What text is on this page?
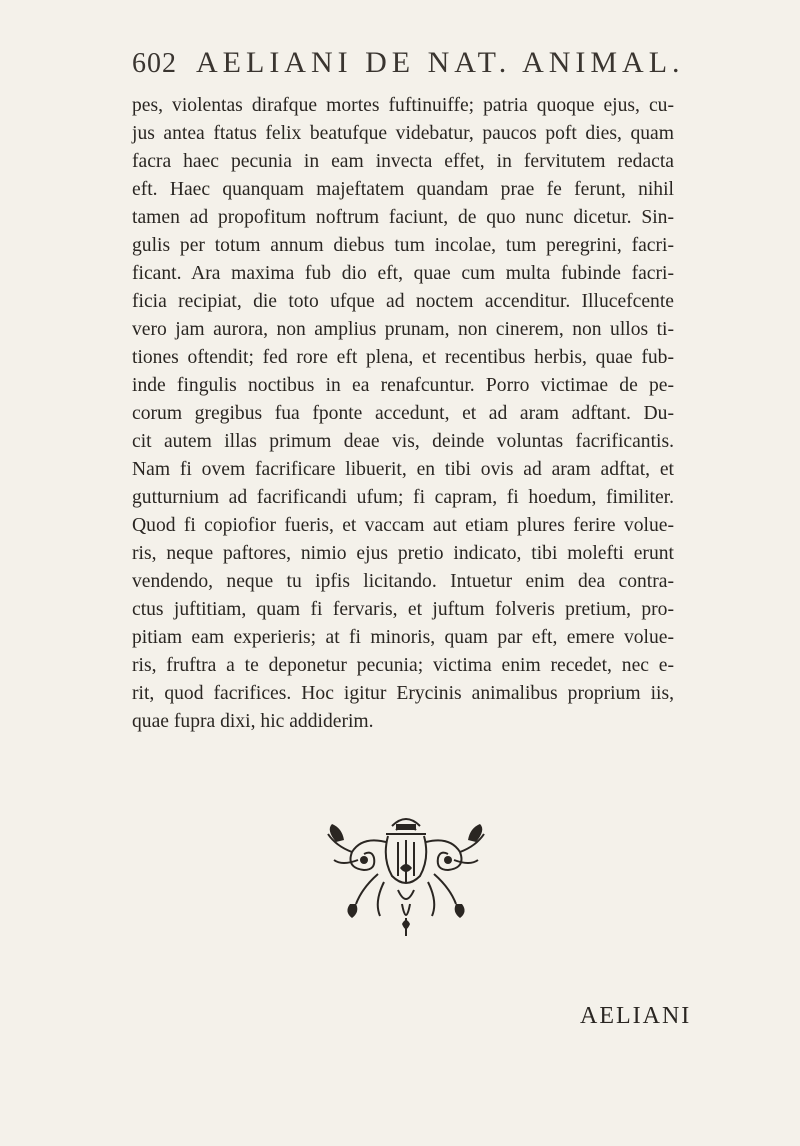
602 AELIANI DE NAT. ANIMAL.
pes, violentas dirafque mortes fuftinuiffe; patria quoque ejus, cu-
jus antea ftatus felix beatufque videbatur, paucos poft dies, quam
facra haec pecunia in eam invecta effet, in fervitutem redacta
eft. Haec quanquam majeftatem quandam prae fe ferunt, nihil
tamen ad propofitum noftrum faciunt, de quo nunc dicetur. Sin-
gulis per totum annum diebus tum incolae, tum peregrini, facri-
ficant. Ara maxima fub dio eft, quae cum multa fubinde facri-
ficia recipiat, die toto ufque ad noctem accenditur. Illucefcente
vero jam aurora, non amplius prunam, non cinerem, non ullos ti-
tiones oftendit; fed rore eft plena, et recentibus herbis, quae fub-
inde fingulis noctibus in ea renafcuntur. Porro victimae de pe-
corum gregibus fua fponte accedunt, et ad aram adftant. Du-
cit autem illas primum deae vis, deinde voluntas facrificantis.
Nam fi ovem facrificare libuerit, en tibi ovis ad aram adftat, et
gutturnium ad facrificandi ufum; fi capram, fi hoedum, fimiliter.
Quod fi copiofior fueris, et vaccam aut etiam plures ferire volue-
ris, neque paftores, nimio ejus pretio indicato, tibi molefti erunt
vendendo, neque tu ipfis licitando. Intuetur enim dea contra-
ctus juftitiam, quam fi fervaris, et juftum folveris pretium, pro-
pitiam eam experieris; at fi minoris, quam par eft, emere volue-
ris, fruftra a te deponetur pecunia; victima enim recedet, nec e-
rit, quod facrifices. Hoc igitur Erycinis animalibus proprium iis,
quae fupra dixi, hic addiderim.
AELIANI
